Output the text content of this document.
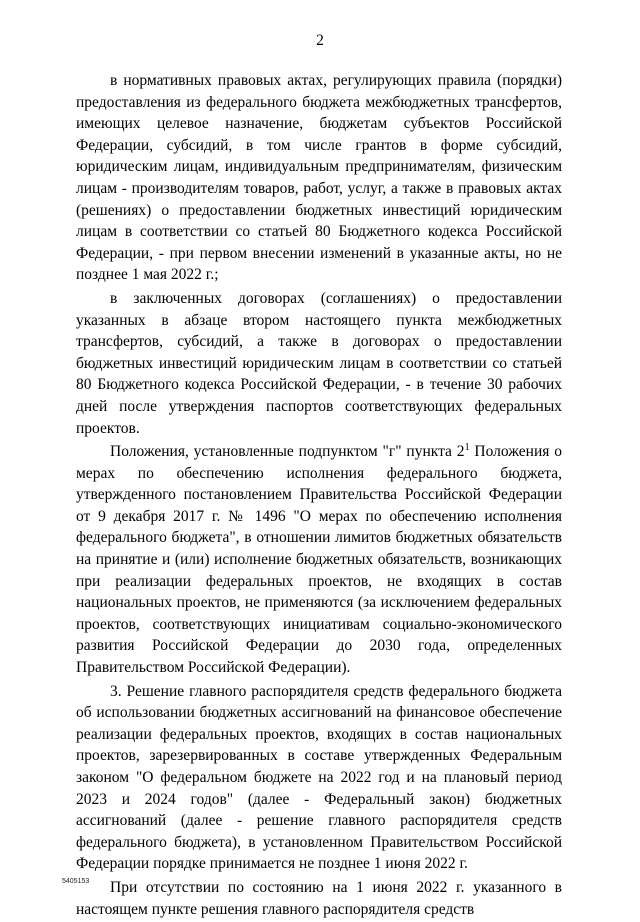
2

в нормативных правовых актах, регулирующих правила (порядки) предоставления из федерального бюджета межбюджетных трансфертов, имеющих целевое назначение, бюджетам субъектов Российской Федерации, субсидий, в том числе грантов в форме субсидий, юридическим лицам, индивидуальным предпринимателям, физическим лицам - производителям товаров, работ, услуг, а также в правовых актах (решениях) о предоставлении бюджетных инвестиций юридическим лицам в соответствии со статьей 80 Бюджетного кодекса Российской Федерации, - при первом внесении изменений в указанные акты, но не позднее 1 мая 2022 г.;

в заключенных договорах (соглашениях) о предоставлении указанных в абзаце втором настоящего пункта межбюджетных трансфертов, субсидий, а также в договорах о предоставлении бюджетных инвестиций юридическим лицам в соответствии со статьей 80 Бюджетного кодекса Российской Федерации, - в течение 30 рабочих дней после утверждения паспортов соответствующих федеральных проектов.

Положения, установленные подпунктом "г" пункта $2^1$ Положения о мерах по обеспечению исполнения федерального бюджета, утвержденного постановлением Правительства Российской Федерации от 9 декабря 2017 г. № 1496 "О мерах по обеспечению исполнения федерального бюджета", в отношении лимитов бюджетных обязательств на принятие и (или) исполнение бюджетных обязательств, возникающих при реализации федеральных проектов, не входящих в состав национальных проектов, не применяются (за исключением федеральных проектов, соответствующих инициативам социально-экономического развития Российской Федерации до 2030 года, определенных Правительством Российской Федерации).

3. Решение главного распорядителя средств федерального бюджета об использовании бюджетных ассигнований на финансовое обеспечение реализации федеральных проектов, входящих в состав национальных проектов, зарезервированных в составе утвержденных Федеральным законом "О федеральном бюджете на 2022 год и на плановый период 2023 и 2024 годов" (далее - Федеральный закон) бюджетных ассигнований (далее - решение главного распорядителя средств федерального бюджета), в установленном Правительством Российской Федерации порядке принимается не позднее 1 июня 2022 г.

При отсутствии по состоянию на 1 июня 2022 г. указанного в настоящем пункте решения главного распорядителя средств

5405153
